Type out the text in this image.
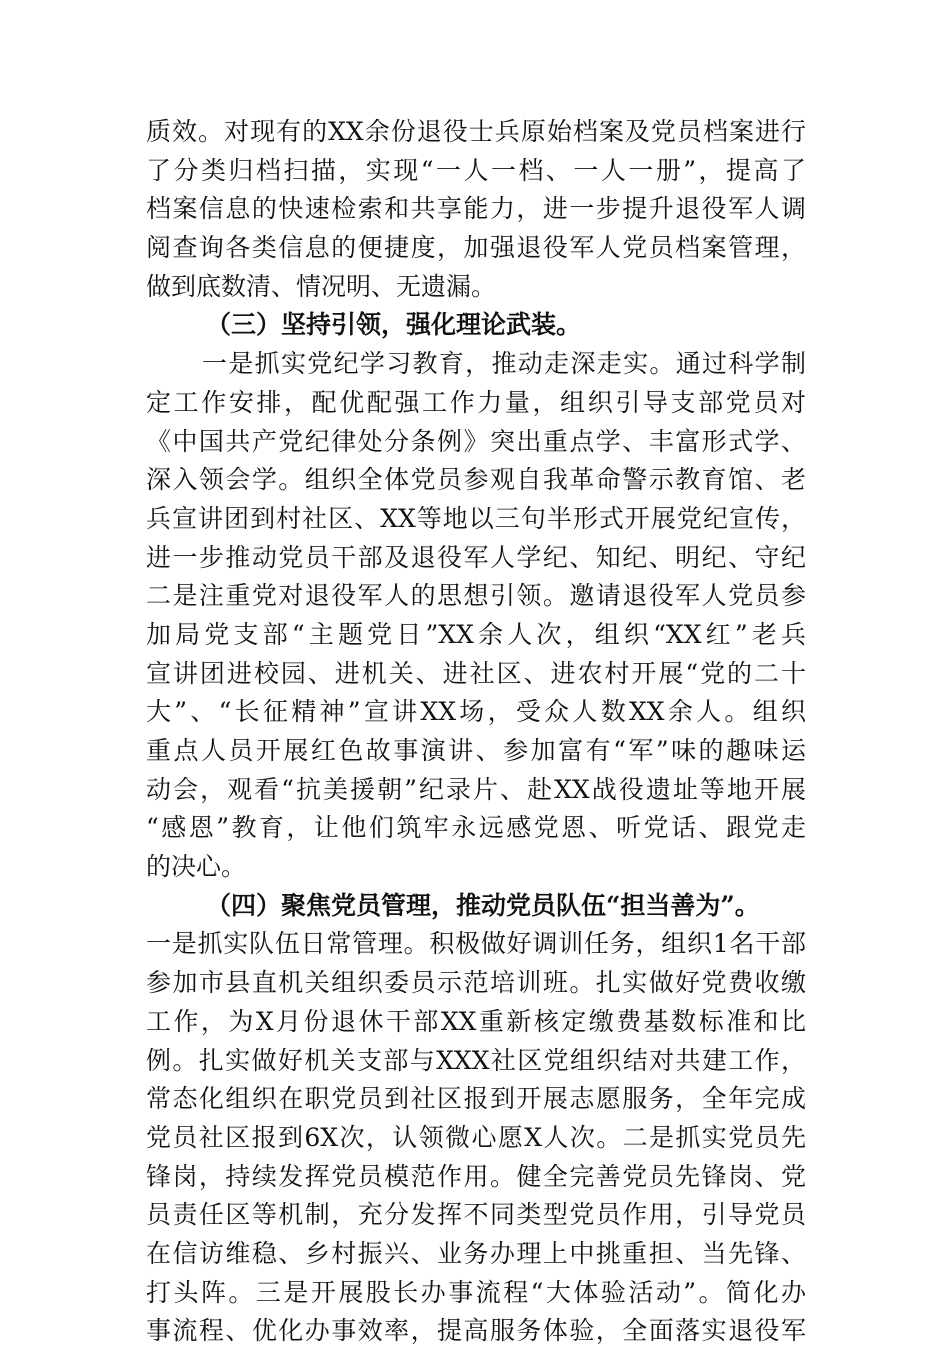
质效。对现有的XX余份退役士兵原始档案及党员档案进行
了分类归档扫描，实现“一人一档、一人一册”，提高了
档案信息的快速检索和共享能力，进一步提升退役军人调
阅查询各类信息的便捷度，加强退役军人党员档案管理，
做到底数清、情况明、无遗漏。
（三）坚持引领，强化理论武装。
一是抓实党纪学习教育，推动走深走实。通过科学制
定工作安排，配优配强工作力量，组织引导支部党员对
《中国共产党纪律处分条例》突出重点学、丰富形式学、
深入领会学。组织全体党员参观自我革命警示教育馆、老
兵宣讲团到村社区、XX等地以三句半形式开展党纪宣传，
进一步推动党员干部及退役军人学纪、知纪、明纪、守纪
二是注重党对退役军人的思想引领。邀请退役军人党员参
加局党支部“主题党日”XX余人次，组织“XX红”老兵
宣讲团进校园、进机关、进社区、进农村开展“党的二十
大”、“长征精神”宣讲XX场，受众人数XX余人。组织
重点人员开展红色故事演讲、参加富有“军”味的趣味运
动会，观看“抗美援朝”纪录片、赴XX战役遗址等地开展
“感恩”教育，让他们筑牢永远感党恩、听党话、跟党走
的决心。
（四）聚焦党员管理，推动党员队伍“担当善为”。
一是抓实队伍日常管理。积极做好调训任务，组织1名干部
参加市县直机关组织委员示范培训班。扎实做好党费收缴
工作，为X月份退休干部XX重新核定缴费基数标准和比
例。扎实做好机关支部与XXX社区党组织结对共建工作，
常态化组织在职党员到社区报到开展志愿服务，全年完成
党员社区报到6X次，认领微心愿X人次。二是抓实党员先
锋岗，持续发挥党员模范作用。健全完善党员先锋岗、党
员责任区等机制，充分发挥不同类型党员作用，引导党员
在信访维稳、乡村振兴、业务办理上中挑重担、当先锋、
打头阵。三是开展股长办事流程“大体验活动”。简化办
事流程、优化办事效率，提高服务体验，全面落实退役军
